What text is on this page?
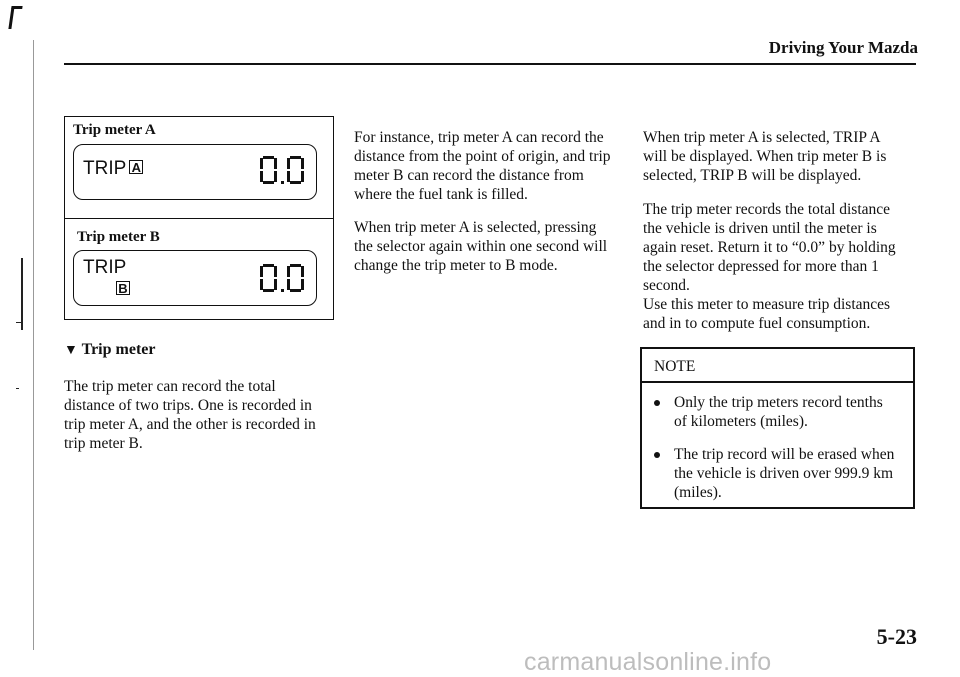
Driving Your Mazda
Trip meter A
TRIP A
Trip meter B
TRIP
B
▼ Trip meter
The trip meter can record the total
distance of two trips. One is recorded in
trip meter A, and the other is recorded in
trip meter B.
For instance, trip meter A can record the
distance from the point of origin, and trip
meter B can record the distance from
where the fuel tank is filled.
When trip meter A is selected, pressing
the selector again within one second will
change the trip meter to B mode.
When trip meter A is selected, TRIP A
will be displayed. When trip meter B is
selected, TRIP B will be displayed.
The trip meter records the total distance
the vehicle is driven until the meter is
again reset. Return it to “0.0” by holding
the selector depressed for more than 1
second.
Use this meter to measure trip distances
and in to compute fuel consumption.
NOTE
Only the trip meters record tenths
of kilometers (miles).
The trip record will be erased when
the vehicle is driven over 999.9 km
(miles).
5-23
carmanualsonline.info
